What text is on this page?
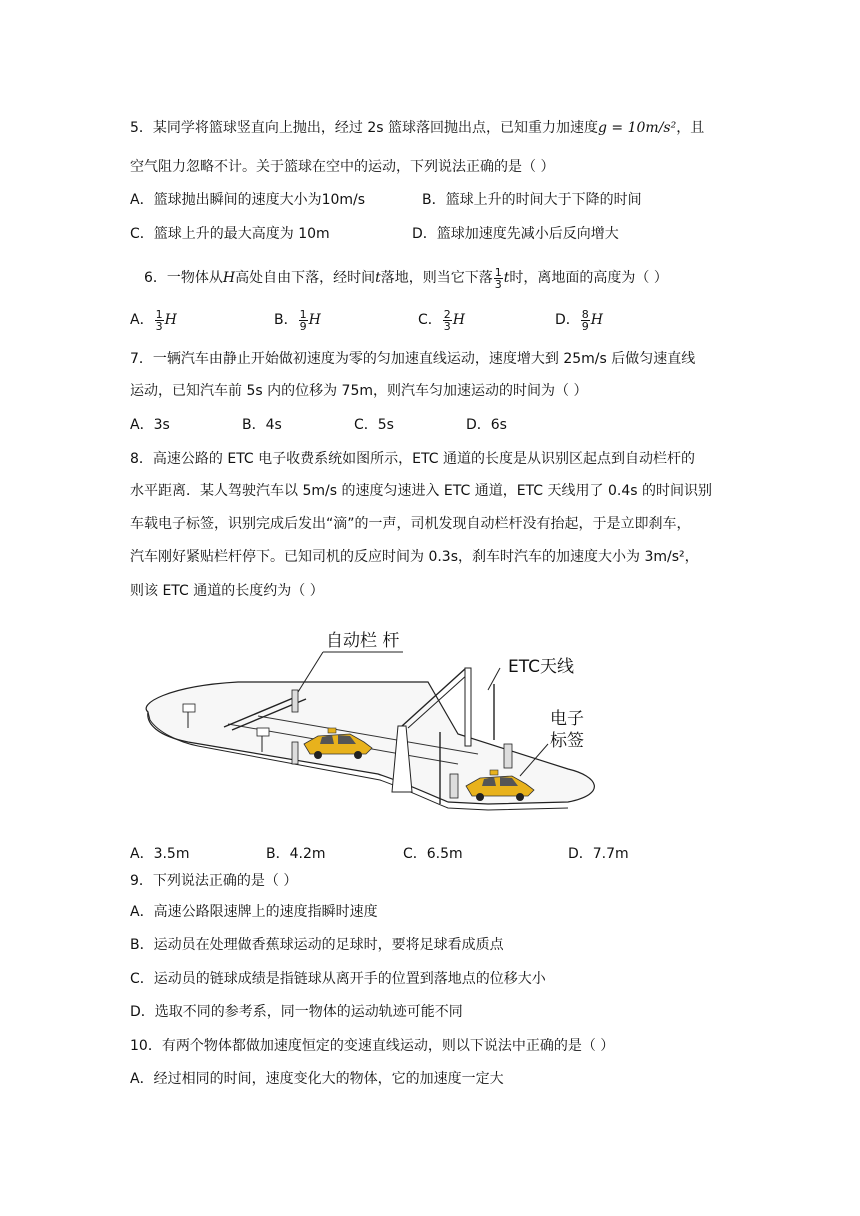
5．某同学将篮球竖直向上抛出，经过 2s 篮球落回抛出点，已知重力加速度g = 10m/s²，且
空气阻力忽略不计。关于篮球在空中的运动，下列说法正确的是（ ）
A．篮球抛出瞬间的速度大小为10m/s	B．篮球上升的时间大于下降的时间
C．篮球上升的最大高度为 10m	D．篮球加速度先减小后反向增大
6．一物体从H高处自由下落，经时间t落地，则当它下落 $\frac{1}{3}$ t时，离地面的高度为（ ）
A． $\frac{1}{3}$ H	B． $\frac{1}{9}$ H	C． $\frac{2}{3}$ H	D． $\frac{8}{9}$ H
7．一辆汽车由静止开始做初速度为零的匀加速直线运动，速度增大到 25m/s 后做匀速直线
运动，已知汽车前 5s 内的位移为 75m，则汽车匀加速运动的时间为（ ）
A．3s	B．4s	C．5s	D．6s
8．高速公路的 ETC 电子收费系统如图所示，ETC 通道的长度是从识别区起点到自动栏杆的
水平距离．某人驾驶汽车以 5m/s 的速度匀速进入 ETC 通道，ETC 天线用了 0.4s 的时间识别
车载电子标签，识别完成后发出“滴”的一声，司机发现自动栏杆没有抬起，于是立即刹车，
汽车刚好紧贴栏杆停下。已知司机的反应时间为 0.3s，刹车时汽车的加速度大小为 3m/s²，
则该 ETC 通道的长度约为（ ）
自动栏 杆
ETC天线
电子
标签
A．3.5m	B．4.2m	C．6.5m	D．7.7m
9．下列说法正确的是（ ）
A．高速公路限速牌上的速度指瞬时速度
B．运动员在处理做香蕉球运动的足球时，要将足球看成质点
C．运动员的链球成绩是指链球从离开手的位置到落地点的位移大小
D．选取不同的参考系，同一物体的运动轨迹可能不同
10．有两个物体都做加速度恒定的变速直线运动，则以下说法中正确的是（ ）
A．经过相同的时间，速度变化大的物体，它的加速度一定大
